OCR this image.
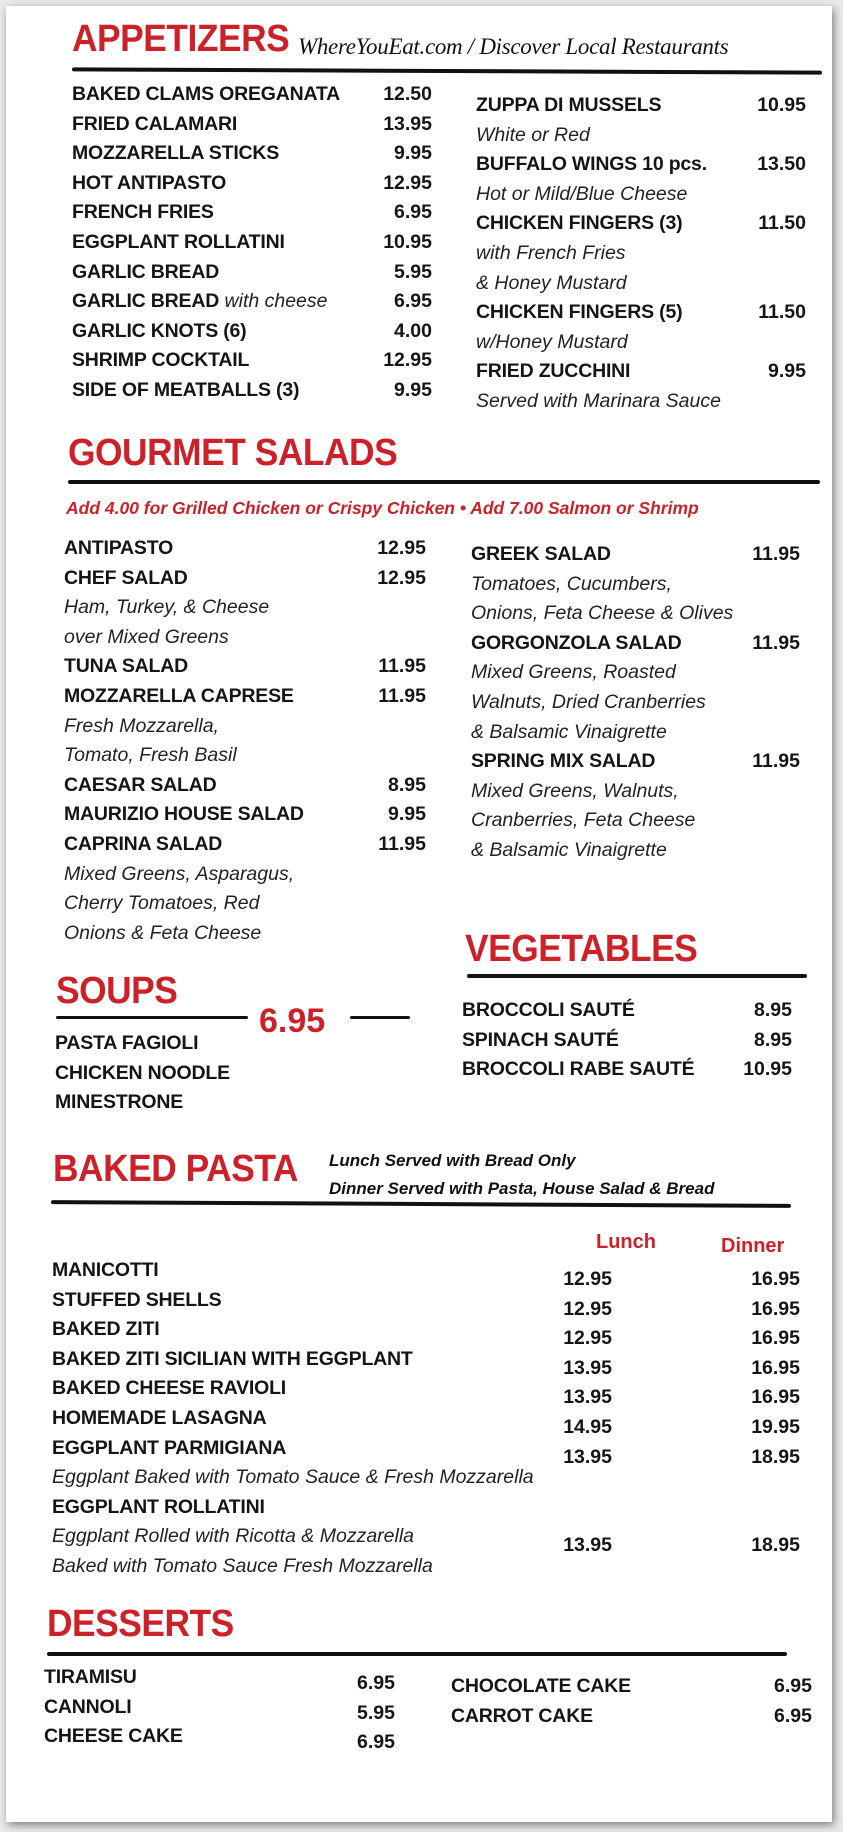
APPETIZERS WhereYouEat.com / Discover Local Restaurants
BAKED CLAMS OREGANATA 12.50
FRIED CALAMARI	13.95
MOZZARELLA STICKS	9.95
HOT ANTIPASTO	12.95
FRENCH FRIES	6.95
EGGPLANT ROLLATINI	10.95
GARLIC BREAD	5.95
GARLIC BREAD with cheese	6.95
GARLIC KNOTS (6)	4.00
SHRIMP COCKTAIL	12.95
SIDE OF MEATBALLS (3)	9.95
ZUPPA DI MUSSELS	10.95
White or Red
BUFFALO WINGS 10 pcs.	13.50
Hot or Mild/Blue Cheese
CHICKEN FINGERS (3)	11.50
with French Fries
& Honey Mustard
CHICKEN FINGERS (5)	11.50
w/Honey Mustard
FRIED ZUCCHINI	9.95
Served with Marinara Sauce
GOURMET SALADS
Add 4.00 for Grilled Chicken or Crispy Chicken • Add 7.00 Salmon or Shrimp
ANTIPASTO	12.95
CHEF SALAD	12.95
Ham, Turkey, & Cheese
over Mixed Greens
TUNA SALAD	11.95
MOZZARELLA CAPRESE	11.95
Fresh Mozzarella,
Tomato, Fresh Basil
CAESAR SALAD	8.95
MAURIZIO HOUSE SALAD	9.95
CAPRINA SALAD	11.95
Mixed Greens, Asparagus,
Cherry Tomatoes, Red
Onions & Feta Cheese
GREEK SALAD	11.95
Tomatoes, Cucumbers,
Onions, Feta Cheese & Olives
GORGONZOLA SALAD	11.95
Mixed Greens, Roasted
Walnuts, Dried Cranberries
& Balsamic Vinaigrette
SPRING MIX SALAD	11.95
Mixed Greens, Walnuts,
Cranberries, Feta Cheese
& Balsamic Vinaigrette
VEGETABLES
BROCCOLI SAUTÉ	8.95
SPINACH SAUTÉ	8.95
BROCCOLI RABE SAUTÉ	10.95
SOUPS
6.95
PASTA FAGIOLI
CHICKEN NOODLE
MINESTRONE
BAKED PASTA Lunch Served with Bread Only
Dinner Served with Pasta, House Salad & Bread
Lunch	Dinner
MANICOTTI	12.95	16.95
STUFFED SHELLS	12.95	16.95
BAKED ZITI	12.95	16.95
BAKED ZITI SICILIAN WITH EGGPLANT	13.95	16.95
BAKED CHEESE RAVIOLI	13.95	16.95
HOMEMADE LASAGNA	14.95	19.95
EGGPLANT PARMIGIANA	13.95	18.95
Eggplant Baked with Tomato Sauce & Fresh Mozzarella
EGGPLANT ROLLATINI
Eggplant Rolled with Ricotta & Mozzarella	13.95	18.95
Baked with Tomato Sauce Fresh Mozzarella
DESSERTS
TIRAMISU	6.95
CANNOLI	5.95
CHEESE CAKE	6.95
CHOCOLATE CAKE	6.95
CARROT CAKE	6.95
